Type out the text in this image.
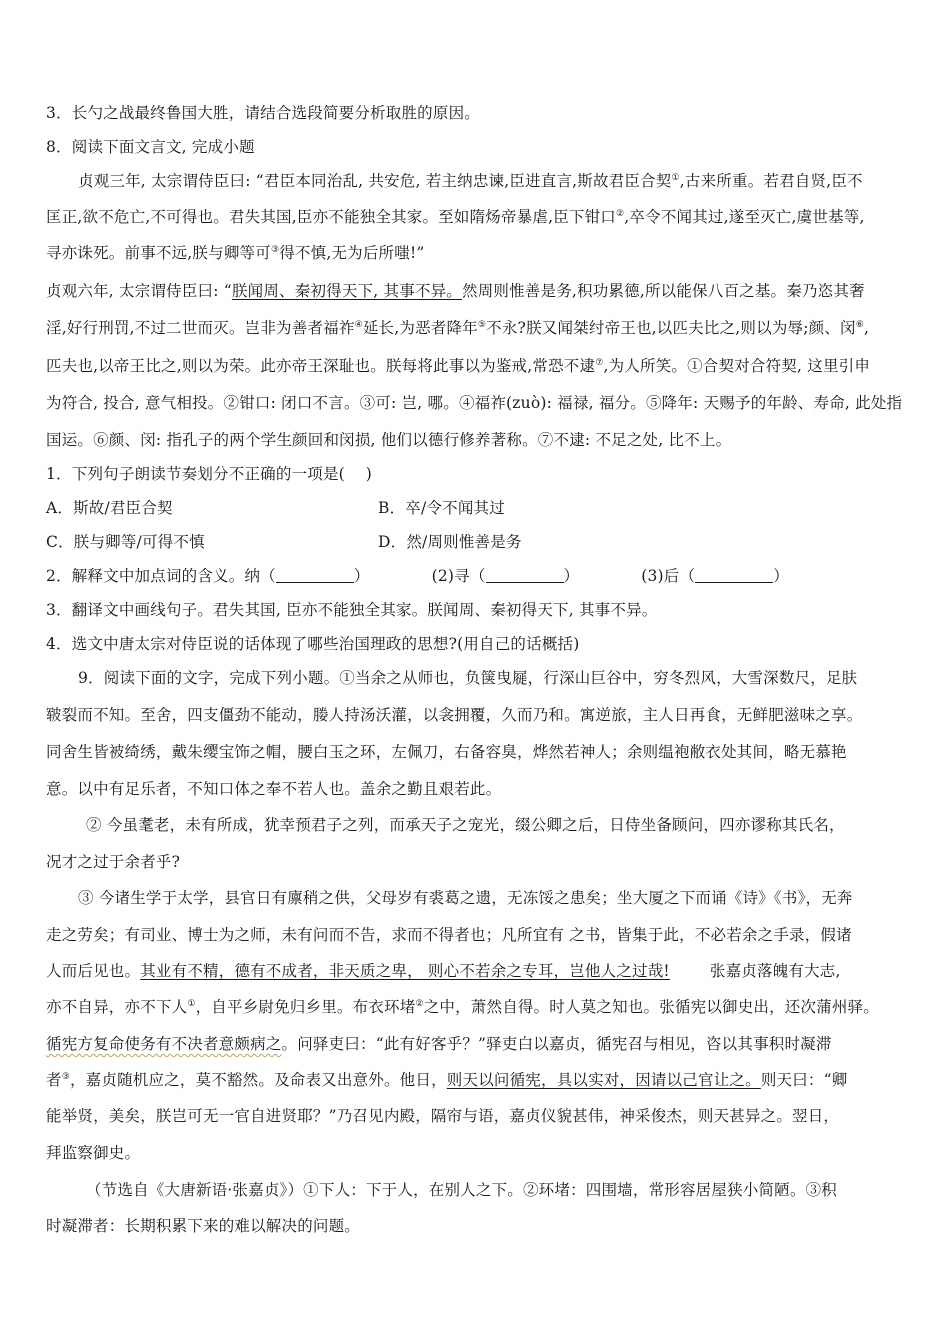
3．长勺之战最终鲁国大胜，请结合选段简要分析取胜的原因。
8．阅读下面文言文, 完成小题
贞观三年, 太宗谓侍臣曰: “君臣本同治乱, 共安危, 若主纳忠谏,臣进直言,斯故君臣合契①,古来所重。若君自贤,臣不
匡正,欲不危亡,不可得也。君失其国,臣亦不能独全其家。至如隋炀帝暴虐,臣下钳口②,卒令不闻其过,遂至灭亡,虞世基等,
寻亦诛死。前事不远,朕与卿等可③得不慎,无为后所嗤!”
贞观六年, 太宗谓侍臣曰: “朕闻周、秦初得天下, 其事不异。然周则惟善是务,积功累德,所以能保八百之基。秦乃恣其奢
淫,好行刑罚,不过二世而灭。岂非为善者福祚④延长,为恶者降年⑤不永?朕又闻桀纣帝王也,以匹夫比之,则以为辱;颜、闵⑥,
匹夫也,以帝王比之,则以为荣。此亦帝王深耻也。朕每将此事以为鉴戒,常恐不逮⑦,为人所笑。①合契对合符契, 这里引申
为符合, 投合, 意气相投。②钳口: 闭口不言。③可: 岂, 哪。④福祚(zuò): 福禄, 福分。⑤降年: 天赐予的年龄、寿命, 此处指
国运。⑥颜、闵: 指孔子的两个学生颜回和闵损, 他们以德行修养著称。⑦不逮: 不足之处, 比不上。
1．下列句子朗读节奏划分不正确的一项是(　 )
A．斯故/君臣合契	B．卒/令不闻其过
C．朕与卿等/可得不慎	D．然/周则惟善是务
2．解释文中加点词的含义。纳（	）	(2)寻（	）	(3)后（	）
3．翻译文中画线句子。君失其国, 臣亦不能独全其家。朕闻周、秦初得天下, 其事不异。
4．选文中唐太宗对侍臣说的话体现了哪些治国理政的思想?(用自己的话概括)
9．阅读下面的文字，完成下列小题。①当余之从师也，负箧曳屣，行深山巨谷中，穷冬烈风，大雪深数尺，足肤
皲裂而不知。至舍，四支僵劲不能动，媵人持汤沃灌，以衾拥覆，久而乃和。寓逆旅，主人日再食，无鲜肥滋味之享。
同舍生皆被绮绣，戴朱缨宝饰之帽，腰白玉之环，左佩刀，右备容臭，烨然若神人；余则缊袍敝衣处其间，略无慕艳
意。以中有足乐者，不知口体之奉不若人也。盖余之勤且艰若此。
② 今虽耄老，未有所成，犹幸预君子之列，而承天子之宠光，缀公卿之后，日侍坐备顾问，四亦谬称其氏名，
况才之过于余者乎?
③ 今诸生学于太学，县官日有廪稍之供，父母岁有裘葛之遗，无冻馁之患矣；坐大厦之下而诵《诗》《书》，无奔
走之劳矣；有司业、博士为之师，未有问而不告，求而不得者也；凡所宜有 之书，皆集于此，不必若余之手录，假诸
人而后见也。其业有不精，德有不成者，非天质之卑， 则心不若余之专耳，岂他人之过哉!	张嘉贞落魄有大志,
亦不自异，亦不下人①，自平乡尉免归乡里。布衣环堵②之中，萧然自得。时人莫之知也。张循宪以御史出，还次蒲州驿。
循宪方复命使务有不决者意颇病之。问驿吏曰：“此有好客乎？”驿吏白以嘉贞，循宪召与相见，咨以其事积时凝滞
者③，嘉贞随机应之，莫不豁然。及命表又出意外。他日，则天以问循宪，具以实对，因请以己官让之。则天曰：“卿
能举贤，美矣，朕岂可无一官自进贤耶？”乃召见内殿，隔帘与语，嘉贞仪貌甚伟，神采俊杰，则天甚异之。翌日，
拜监察御史。
（节选自《大唐新语·张嘉贞》）①下人：下于人，在别人之下。②环堵：四围墙，常形容居屋狭小简陋。③积
时凝滞者：长期积累下来的难以解决的问题。
